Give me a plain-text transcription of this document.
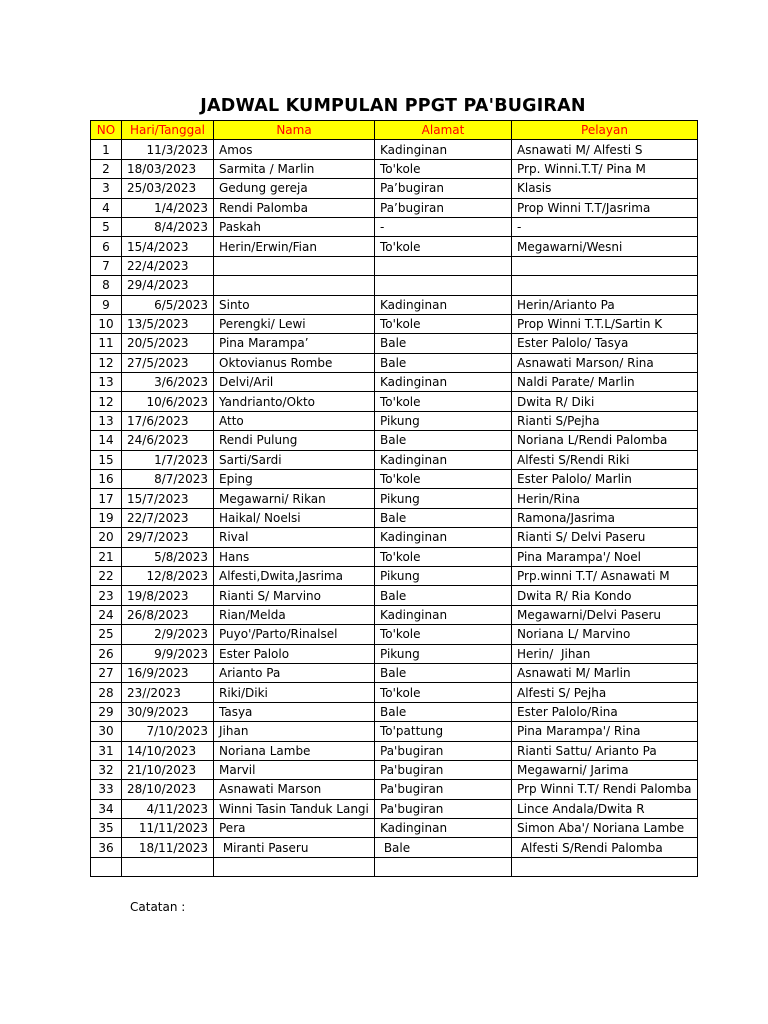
JADWAL KUMPULAN PPGT PA'BUGIRAN
NO	Hari/Tanggal	Nama	Alamat	Pelayan
1	11/3/2023	Amos	Kadinginan	Asnawati M/ Alfesti S
2	18/03/2023	Sarmita / Marlin	To'kole	Prp. Winni.T.T/ Pina M
3	25/03/2023	Gedung gereja	Pa’bugiran	Klasis
4	1/4/2023	Rendi Palomba	Pa’bugiran	Prop Winni T.T/Jasrima
5	8/4/2023	Paskah	-	-
6	15/4/2023	Herin/Erwin/Fian	To'kole	Megawarni/Wesni
7	22/4/2023			
8	29/4/2023			
9	6/5/2023	Sinto	Kadinginan	Herin/Arianto Pa
10	13/5/2023	Perengki/ Lewi	To'kole	Prop Winni T.T.L/Sartin K
11	20/5/2023	Pina Marampa’	Bale	Ester Palolo/ Tasya
12	27/5/2023	Oktovianus Rombe	Bale	Asnawati Marson/ Rina
13	3/6/2023	Delvi/Aril	Kadinginan	Naldi Parate/ Marlin
12	10/6/2023	Yandrianto/Okto	To'kole	Dwita R/ Diki
13	17/6/2023	Atto	Pikung	Rianti S/Pejha
14	24/6/2023	Rendi Pulung	Bale	Noriana L/Rendi Palomba
15	1/7/2023	Sarti/Sardi	Kadinginan	Alfesti S/Rendi Riki
16	8/7/2023	Eping	To'kole	Ester Palolo/ Marlin
17	15/7/2023	Megawarni/ Rikan	Pikung	Herin/Rina
19	22/7/2023	Haikal/ Noelsi	Bale	Ramona/Jasrima
20	29/7/2023	Rival	Kadinginan	Rianti S/ Delvi Paseru
21	5/8/2023	Hans	To'kole	Pina Marampa'/ Noel
22	12/8/2023	Alfesti,Dwita,Jasrima	Pikung	Prp.winni T.T/ Asnawati M
23	19/8/2023	Rianti S/ Marvino	Bale	Dwita R/ Ria Kondo
24	26/8/2023	Rian/Melda	Kadinginan	Megawarni/Delvi Paseru
25	2/9/2023	Puyo'/Parto/Rinalsel	To'kole	Noriana L/ Marvino
26	9/9/2023	Ester Palolo	Pikung	Herin/  Jihan
27	16/9/2023	Arianto Pa	Bale	Asnawati M/ Marlin
28	23//2023	Riki/Diki	To'kole	Alfesti S/ Pejha
29	30/9/2023	Tasya	Bale	Ester Palolo/Rina
30	7/10/2023	Jihan	To'pattung	Pina Marampa'/ Rina
31	14/10/2023	Noriana Lambe	Pa'bugiran	Rianti Sattu/ Arianto Pa
32	21/10/2023	Marvil	Pa'bugiran	Megawarni/ Jarima
33	28/10/2023	Asnawati Marson	Pa'bugiran	Prp Winni T.T/ Rendi Palomba
34	4/11/2023	Winni Tasin Tanduk Langi	Pa'bugiran	Lince Andala/Dwita R
35	11/11/2023	Pera	Kadinginan	Simon Aba'/ Noriana Lambe
36	18/11/2023	Miranti Paseru	Bale	Alfesti S/Rendi Palomba

Catatan :
